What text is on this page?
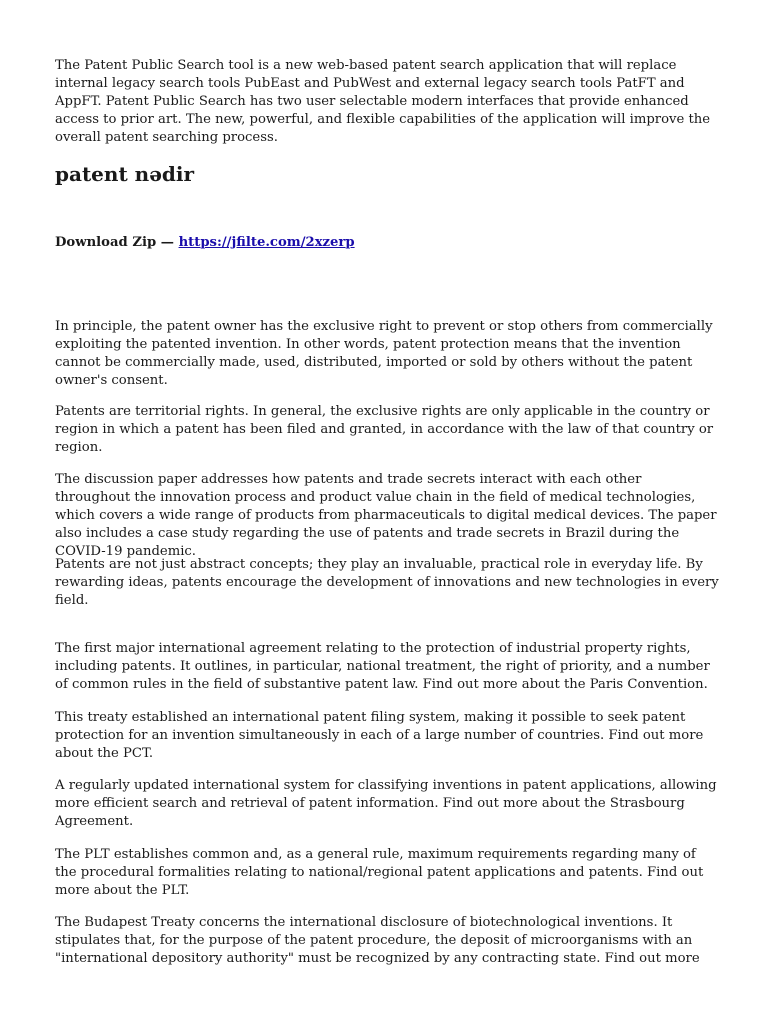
The Patent Public Search tool is a new web-based patent search application that will replace internal legacy search tools PubEast and PubWest and external legacy search tools PatFT and AppFT. Patent Public Search has two user selectable modern interfaces that provide enhanced access to prior art. The new, powerful, and flexible capabilities of the application will improve the overall patent searching process.

patent nədir

Download Zip — https://jfilte.com/2xzerp

In principle, the patent owner has the exclusive right to prevent or stop others from commercially exploiting the patented invention. In other words, patent protection means that the invention cannot be commercially made, used, distributed, imported or sold by others without the patent owner's consent.

Patents are territorial rights. In general, the exclusive rights are only applicable in the country or region in which a patent has been filed and granted, in accordance with the law of that country or region.

The discussion paper addresses how patents and trade secrets interact with each other throughout the innovation process and product value chain in the field of medical technologies, which covers a wide range of products from pharmaceuticals to digital medical devices. The paper also includes a case study regarding the use of patents and trade secrets in Brazil during the COVID-19 pandemic.

Patents are not just abstract concepts; they play an invaluable, practical role in everyday life. By rewarding ideas, patents encourage the development of innovations and new technologies in every field.

The first major international agreement relating to the protection of industrial property rights, including patents. It outlines, in particular, national treatment, the right of priority, and a number of common rules in the field of substantive patent law. Find out more about the Paris Convention.

This treaty established an international patent filing system, making it possible to seek patent protection for an invention simultaneously in each of a large number of countries. Find out more about the PCT.

A regularly updated international system for classifying inventions in patent applications, allowing more efficient search and retrieval of patent information. Find out more about the Strasbourg Agreement.

The PLT establishes common and, as a general rule, maximum requirements regarding many of the procedural formalities relating to national/regional patent applications and patents. Find out more about the PLT.

The Budapest Treaty concerns the international disclosure of biotechnological inventions. It stipulates that, for the purpose of the patent procedure, the deposit of microorganisms with an "international depository authority" must be recognized by any contracting state. Find out more
